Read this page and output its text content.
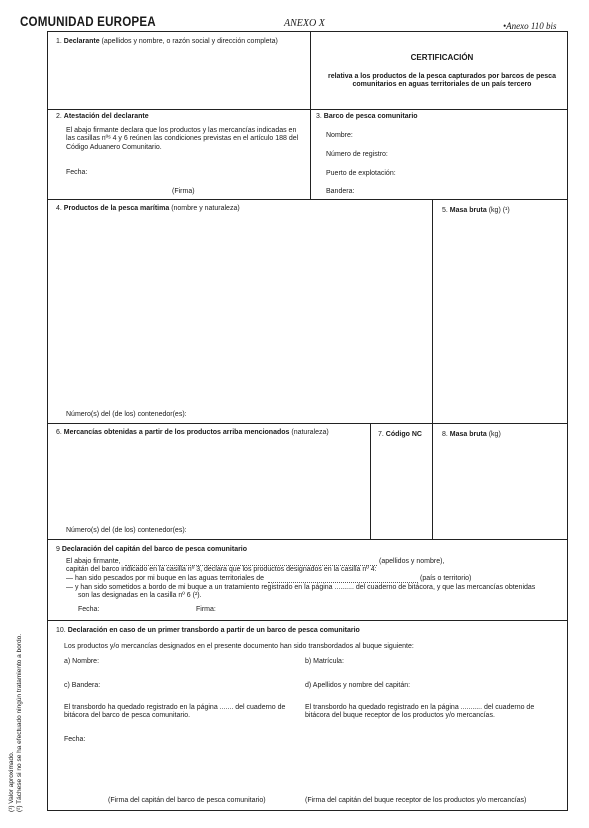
COMUNIDAD EUROPEA	ANEXO X	•Anexo 110 bis
1. Declarante (apellidos y nombre, o razón social y dirección completa)
CERTIFICACIÓN
relativa a los productos de la pesca capturados por barcos de pesca comunitarios en aguas territoriales de un país tercero
2. Atestación del declarante
El abajo firmante declara que los productos y las mercancías indicadas en las casillas nºˢ 4 y 6 reúnen las condiciones previstas en el artículo 188 del Código Aduanero Comunitario.
Fecha:
(Firma)
3. Barco de pesca comunitario
Nombre:
Número de registro:
Puerto de explotación:
Bandera:
4. Productos de la pesca marítima (nombre y naturaleza)
Número(s) del (de los) contenedor(es):
5. Masa bruta (kg) (¹)
6. Mercancías obtenidas a partir de los productos arriba mencionados (naturaleza)
Número(s) del (de los) contenedor(es):
7. Código NC	8. Masa bruta (kg)
9 Declaración del capitán del barco de pesca comunitario
El abajo firmante,	(apellidos y nombre),
capitán del barco indicado en la casilla nº 3, declara que los productos designados en la casilla nº 4:
— han sido pescados por mi buque en las aguas territoriales de	(país o territorio)
— y han sido sometidos a bordo de mi buque a un tratamiento registrado en la página .......... del cuaderno de bitácora, y que las mercancías obtenidas
son las designadas en la casilla nº 6 (²).
Fecha:	Firma:
10. Declaración en caso de un primer transbordo a partir de un barco de pesca comunitario
Los productos y/o mercancías designados en el presente documento han sido transbordados al buque siguiente:
a) Nombre:	b) Matrícula:
c) Bandera:	d) Apellidos y nombre del capitán:
El transbordo ha quedado registrado en la página ....... del cuaderno de bitácora del barco de pesca comunitario.
El transbordo ha quedado registrado en la página ........... del cuaderno de bitácora del buque receptor de los productos y/o mercancías.
Fecha:
(Firma del capitán del barco de pesca comunitario)	(Firma del capitán del buque receptor de los productos y/o mercancías)
(¹) Valor aproximado. (²) Táchese si no se ha efectuado ningún tratamiento a bordo.
